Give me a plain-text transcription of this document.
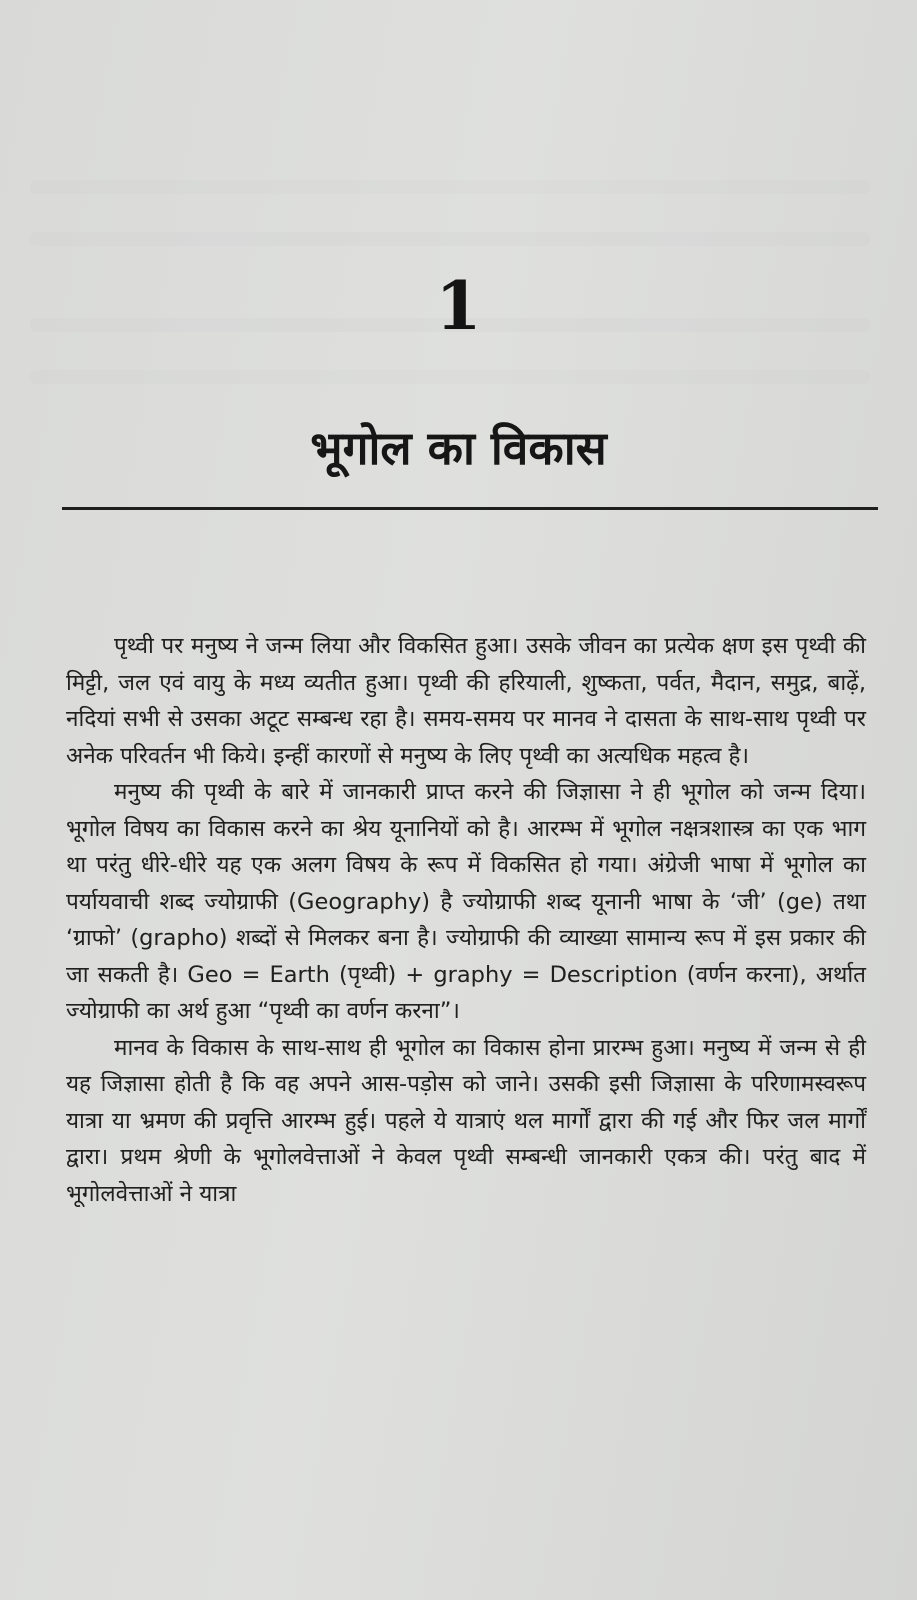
1
भूगोल का विकास

पृथ्वी पर मनुष्य ने जन्म लिया और विकसित हुआ। उसके जीवन का प्रत्येक क्षण इस पृथ्वी की मिट्टी, जल एवं वायु के मध्य व्यतीत हुआ। पृथ्वी की हरियाली, शुष्कता, पर्वत, मैदान, समुद्र, बाढ़ें, नदियां सभी से उसका अटूट सम्बन्ध रहा है। समय-समय पर मानव ने दासता के साथ-साथ पृथ्वी पर अनेक परिवर्तन भी किये। इन्हीं कारणों से मनुष्य के लिए पृथ्वी का अत्यधिक महत्व है।

मनुष्य की पृथ्वी के बारे में जानकारी प्राप्त करने की जिज्ञासा ने ही भूगोल को जन्म दिया। भूगोल विषय का विकास करने का श्रेय यूनानियों को है। आरम्भ में भूगोल नक्षत्रशास्त्र का एक भाग था परंतु धीरे-धीरे यह एक अलग विषय के रूप में विकसित हो गया। अंग्रेजी भाषा में भूगोल का पर्यायवाची शब्द ज्योग्राफी (Geography) है ज्योग्राफी शब्द यूनानी भाषा के ‘जी’ (ge) तथा ‘ग्राफो’ (grapho) शब्दों से मिलकर बना है। ज्योग्राफी की व्याख्या सामान्य रूप में इस प्रकार की जा सकती है। Geo = Earth (पृथ्वी) + graphy = Description (वर्णन करना), अर्थात ज्योग्राफी का अर्थ हुआ “पृथ्वी का वर्णन करना”।

मानव के विकास के साथ-साथ ही भूगोल का विकास होना प्रारम्भ हुआ। मनुष्य में जन्म से ही यह जिज्ञासा होती है कि वह अपने आस-पड़ोस को जाने। उसकी इसी जिज्ञासा के परिणामस्वरूप यात्रा या भ्रमण की प्रवृत्ति आरम्भ हुई। पहले ये यात्राएं थल मार्गों द्वारा की गई और फिर जल मार्गों द्वारा। प्रथम श्रेणी के भूगोलवेत्ताओं ने केवल पृथ्वी सम्बन्धी जानकारी एकत्र की। परंतु बाद में भूगोलवेत्ताओं ने यात्रा
